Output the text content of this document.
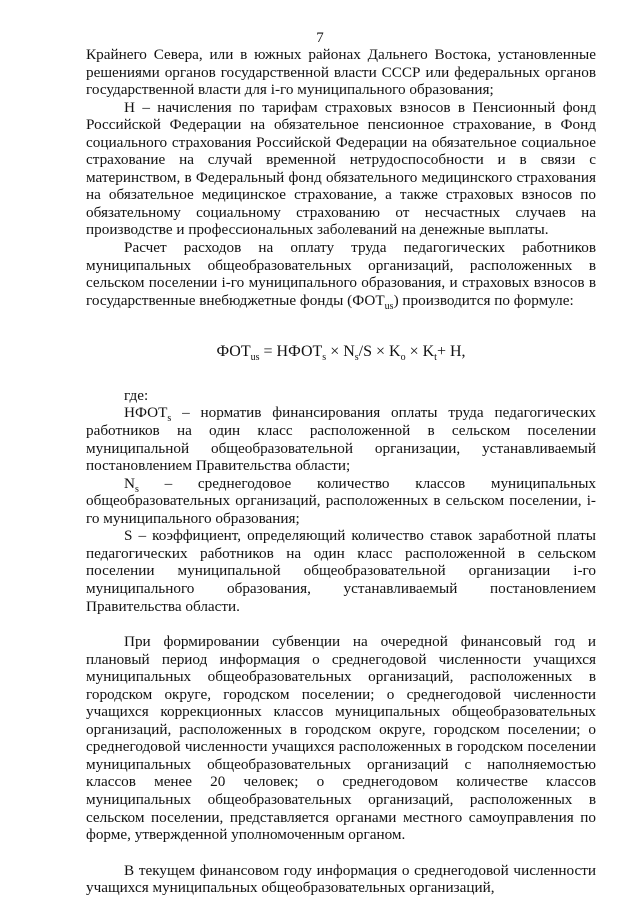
7

Крайнего Севера, или в южных районах Дальнего Востока, установленные решениями органов государственной власти СССР или федеральных органов государственной власти для i-го муниципального образования;

Н – начисления по тарифам страховых взносов в Пенсионный фонд Российской Федерации на обязательное пенсионное страхование, в Фонд социального страхования Российской Федерации на обязательное социальное страхование на случай временной нетрудоспособности и в связи с материнством, в Федеральный фонд обязательного медицинского страхования на обязательное медицинское страхование, а также страховых взносов по обязательному социальному страхованию от несчастных случаев на производстве и профессиональных заболеваний на денежные выплаты.

Расчет расходов на оплату труда педагогических работников муниципальных общеобразовательных организаций, расположенных в сельском поселении i-го муниципального образования, и страховых взносов в государственные внебюджетные фонды $(ФОТ_{us})$ производится по формуле:

$ФОТ_{us}$ = $НФОТ_s \times N_s/S \times K_о \times K_t+ H$,

где:

$НФОТ_s$ – норматив финансирования оплаты труда педагогических работников на один класс расположенной в сельском поселении муниципальной общеобразовательной организации, устанавливаемый постановлением Правительства области;

$N_s$ – среднегодовое количество классов муниципальных общеобразовательных организаций, расположенных в сельском поселении, i-го муниципального образования;

S – коэффициент, определяющий количество ставок заработной платы педагогических работников на один класс расположенной в сельском поселении муниципальной общеобразовательной организации i-го муниципального образования, устанавливаемый постановлением Правительства области.

При формировании субвенции на очередной финансовый год и плановый период информация о среднегодовой численности учащихся муниципальных общеобразовательных организаций, расположенных в городском округе, городском поселении; о среднегодовой численности учащихся коррекционных классов муниципальных общеобразовательных организаций, расположенных в городском округе, городском поселении; о среднегодовой численности учащихся расположенных в городском поселении муниципальных общеобразовательных организаций с наполняемостью классов менее 20 человек; о среднегодовом количестве классов муниципальных общеобразовательных организаций, расположенных в сельском поселении, представляется органами местного самоуправления по форме, утвержденной уполномоченным органом.

В текущем финансовом году информация о среднегодовой численности учащихся муниципальных общеобразовательных организаций,
